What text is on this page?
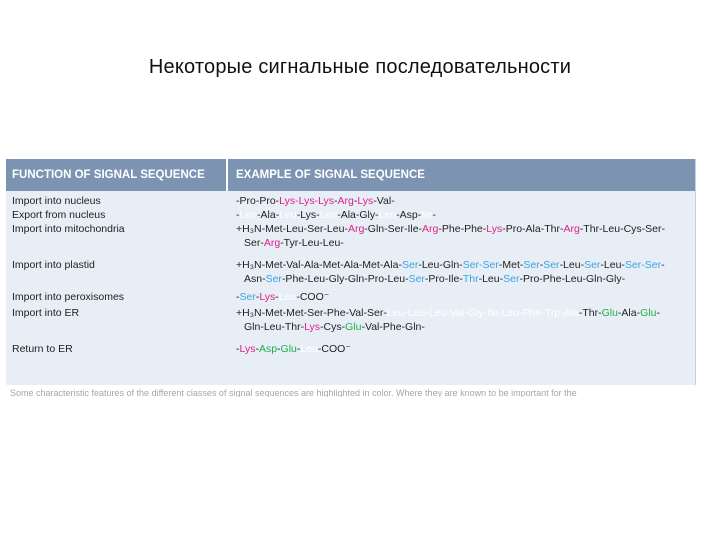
Некоторые сигнальные последовательности
FUNCTION OF SIGNAL SEQUENCE	EXAMPLE OF SIGNAL SEQUENCE
Import into nucleus	-Pro-Pro-Lys-Lys-Lys-Arg-Lys-Val-
Export from nucleus	-Leu-Ala-Leu-Lys-Leu-Ala-Gly-Leu-Asp-Ile-
Import into mitochondria	+H₃N-Met-Leu-Ser-Leu-Arg-Gln-Ser-Ile-Arg-Phe-Phe-Lys-Pro-Ala-Thr-Arg-Thr-Leu-Cys-Ser-
Ser-Arg-Tyr-Leu-Leu-
Import into plastid	+H₃N-Met-Val-Ala-Met-Ala-Met-Ala-Ser-Leu-Gln-Ser-Ser-Met-Ser-Ser-Leu-Ser-Leu-Ser-Ser-
Asn-Ser-Phe-Leu-Gly-Gln-Pro-Leu-Ser-Pro-Ile-Thr-Leu-Ser-Pro-Phe-Leu-Gln-Gly-
Import into peroxisomes	-Ser-Lys-Leu-COO⁻
Import into ER	+H₃N-Met-Met-Ser-Phe-Val-Ser-Leu-Leu-Leu-Val-Gly-Ile-Leu-Phe-Trp-Ala-Thr-Glu-Ala-Glu-
Gln-Leu-Thr-Lys-Cys-Glu-Val-Phe-Gln-
Return to ER	-Lys-Asp-Glu-Leu-COO⁻
Some characteristic features of the different classes of signal sequences are highlighted in color. Where they are known to be important for the
